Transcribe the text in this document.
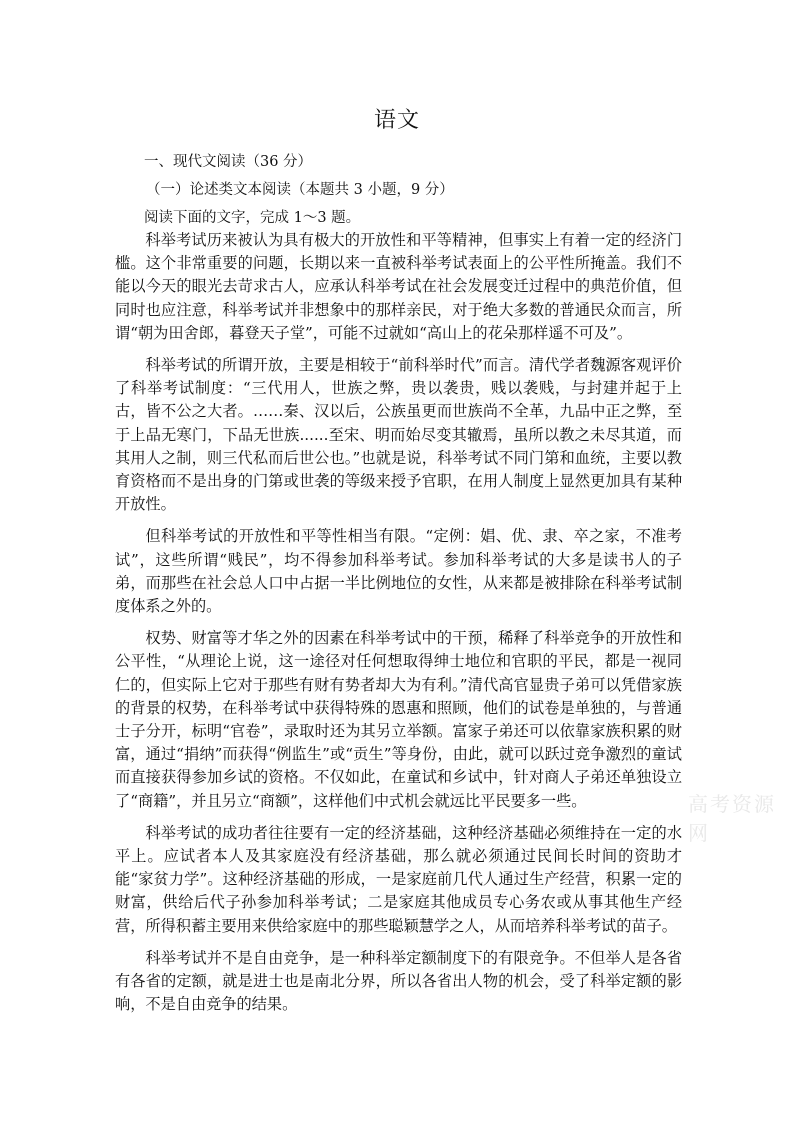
语文
一、现代文阅读（36 分）
（一）论述类文本阅读（本题共 3 小题，9 分）
阅读下面的文字，完成 1～3 题。

科举考试历来被认为具有极大的开放性和平等精神，但事实上有着一定的经济门槛。这个非常重要的问题，长期以来一直被科举考试表面上的公平性所掩盖。我们不能以今天的眼光去苛求古人，应承认科举考试在社会发展变迁过程中的典范价值，但同时也应注意，科举考试并非想象中的那样亲民，对于绝大多数的普通民众而言，所谓“朝为田舍郎，暮登天子堂”，可能不过就如“高山上的花朵那样遥不可及”。

科举考试的所谓开放，主要是相较于“前科举时代”而言。清代学者魏源客观评价了科举考试制度：“三代用人，世族之弊，贵以袭贵，贱以袭贱，与封建并起于上古，皆不公之大者。……秦、汉以后，公族虽更而世族尚不全革，九品中正之弊，至于上品无寒门，下品无世族......至宋、明而始尽变其辙焉，虽所以教之未尽其道，而其用人之制，则三代私而后世公也。”也就是说，科举考试不同门第和血统，主要以教育资格而不是出身的门第或世袭的等级来授予官职，在用人制度上显然更加具有某种开放性。

但科举考试的开放性和平等性相当有限。“定例：娼、优、隶、卒之家，不准考试”，这些所谓“贱民”，均不得参加科举考试。参加科举考试的大多是读书人的子弟，而那些在社会总人口中占据一半比例地位的女性，从来都是被排除在科举考试制度体系之外的。

权势、财富等才华之外的因素在科举考试中的干预，稀释了科举竞争的开放性和公平性，“从理论上说，这一途径对任何想取得绅士地位和官职的平民，都是一视同仁的，但实际上它对于那些有财有势者却大为有利。”清代高官显贵子弟可以凭借家族的背景的权势，在科举考试中获得特殊的恩惠和照顾，他们的试卷是单独的，与普通士子分开，标明“官卷”，录取时还为其另立举额。富家子弟还可以依靠家族积累的财富，通过“捐纳”而获得“例监生”或“贡生”等身份，由此，就可以跃过竞争激烈的童试而直接获得参加乡试的资格。不仅如此，在童试和乡试中，针对商人子弟还单独设立了“商籍”，并且另立“商额”，这样他们中式机会就远比平民要多一些。

科举考试的成功者往往要有一定的经济基础，这种经济基础必须维持在一定的水平上。应试者本人及其家庭没有经济基础，那么就必须通过民间长时间的资助才能“家贫力学”。这种经济基础的形成，一是家庭前几代人通过生产经营，积累一定的财富，供给后代子孙参加科举考试；二是家庭其他成员专心务农或从事其他生产经营，所得积蓄主要用来供给家庭中的那些聪颖慧学之人，从而培养科举考试的苗子。

科举考试并不是自由竞争，是一种科举定额制度下的有限竞争。不但举人是各省有各省的定额，就是进士也是南北分界，所以各省出人物的机会，受了科举定额的影响，不是自由竞争的结果。

高考资源网
